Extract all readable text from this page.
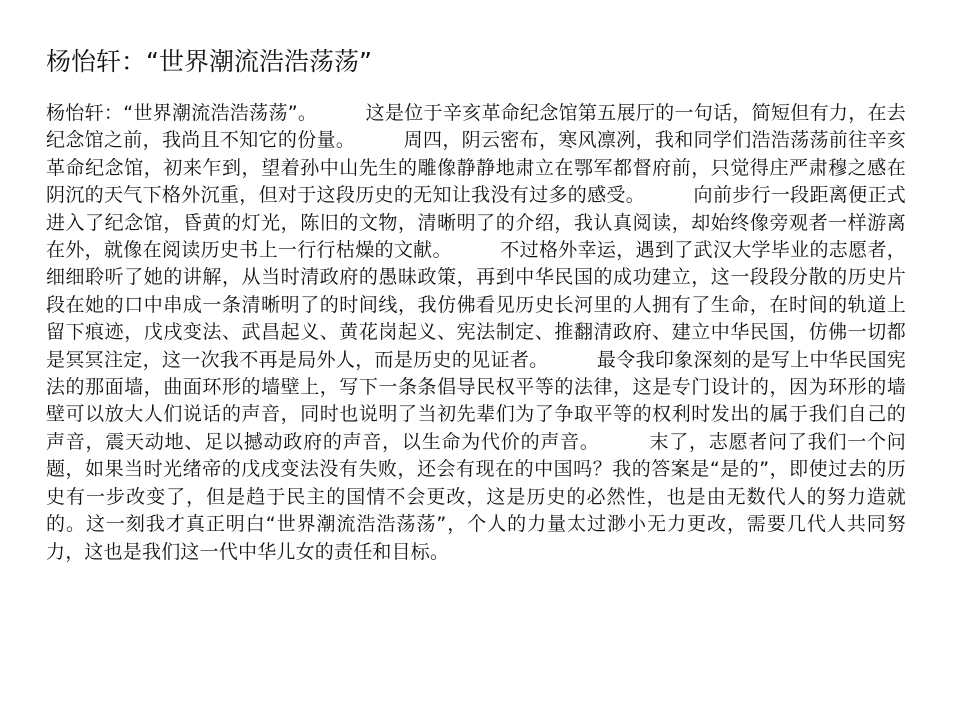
杨怡轩：“世界潮流浩浩荡荡”

杨怡轩：“世界潮流浩浩荡荡”。　　　这是位于辛亥革命纪念馆第五展厅的一句话，简短但有力，在去纪念馆之前，我尚且不知它的份量。　　　周四，阴云密布，寒风凛冽，我和同学们浩浩荡荡前往辛亥革命纪念馆，初来乍到，望着孙中山先生的雕像静静地肃立在鄂军都督府前，只觉得庄严肃穆之感在阴沉的天气下格外沉重，但对于这段历史的无知让我没有过多的感受。　　　向前步行一段距离便正式进入了纪念馆，昏黄的灯光，陈旧的文物，清晰明了的介绍，我认真阅读，却始终像旁观者一样游离在外，就像在阅读历史书上一行行枯燥的文献。　　　不过格外幸运，遇到了武汉大学毕业的志愿者，细细聆听了她的讲解，从当时清政府的愚昧政策，再到中华民国的成功建立，这一段段分散的历史片段在她的口中串成一条清晰明了的时间线，我仿佛看见历史长河里的人拥有了生命，在时间的轨道上留下痕迹，戊戌变法、武昌起义、黄花岗起义、宪法制定、推翻清政府、建立中华民国，仿佛一切都是冥冥注定，这一次我不再是局外人，而是历史的见证者。　　　最令我印象深刻的是写上中华民国宪法的那面墙，曲面环形的墙壁上，写下一条条倡导民权平等的法律，这是专门设计的，因为环形的墙壁可以放大人们说话的声音，同时也说明了当初先辈们为了争取平等的权利时发出的属于我们自己的声音，震天动地、足以撼动政府的声音，以生命为代价的声音。　　　末了，志愿者问了我们一个问题，如果当时光绪帝的戊戌变法没有失败，还会有现在的中国吗？我的答案是“是的”，即使过去的历史有一步改变了，但是趋于民主的国情不会更改，这是历史的必然性，也是由无数代人的努力造就的。这一刻我才真正明白“世界潮流浩浩荡荡”，个人的力量太过渺小无力更改，需要几代人共同努力，这也是我们这一代中华儿女的责任和目标。
